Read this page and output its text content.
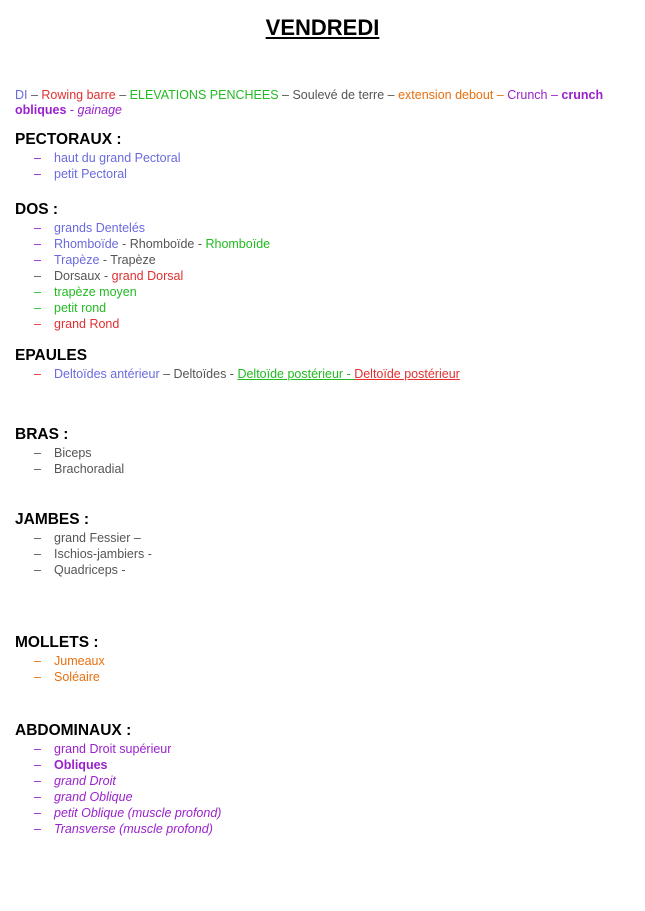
VENDREDI
DI – Rowing barre – ELEVATIONS PENCHEES – Soulevé de terre – extension debout – Crunch – crunch obliques - gainage
PECTORAUX :
– haut du grand Pectoral
– petit Pectoral
DOS :
– grands Dentelés
– Rhomboïde - Rhomboïde - Rhomboïde
– Trapèze - Trapèze
– Dorsaux - grand Dorsal
– trapèze moyen
– petit rond
– grand Rond
EPAULES
– Deltoïdes antérieur – Deltoïdes - Deltoïde postérieur - Deltoïde postérieur
BRAS :
– Biceps
– Brachoradial
JAMBES :
– grand Fessier –
– Ischios-jambiers -
– Quadriceps -
MOLLETS :
– Jumeaux
– Soléaire
ABDOMINAUX :
– grand Droit supérieur
– Obliques
– grand Droit
– grand Oblique
– petit Oblique (muscle profond)
– Transverse (muscle profond)
